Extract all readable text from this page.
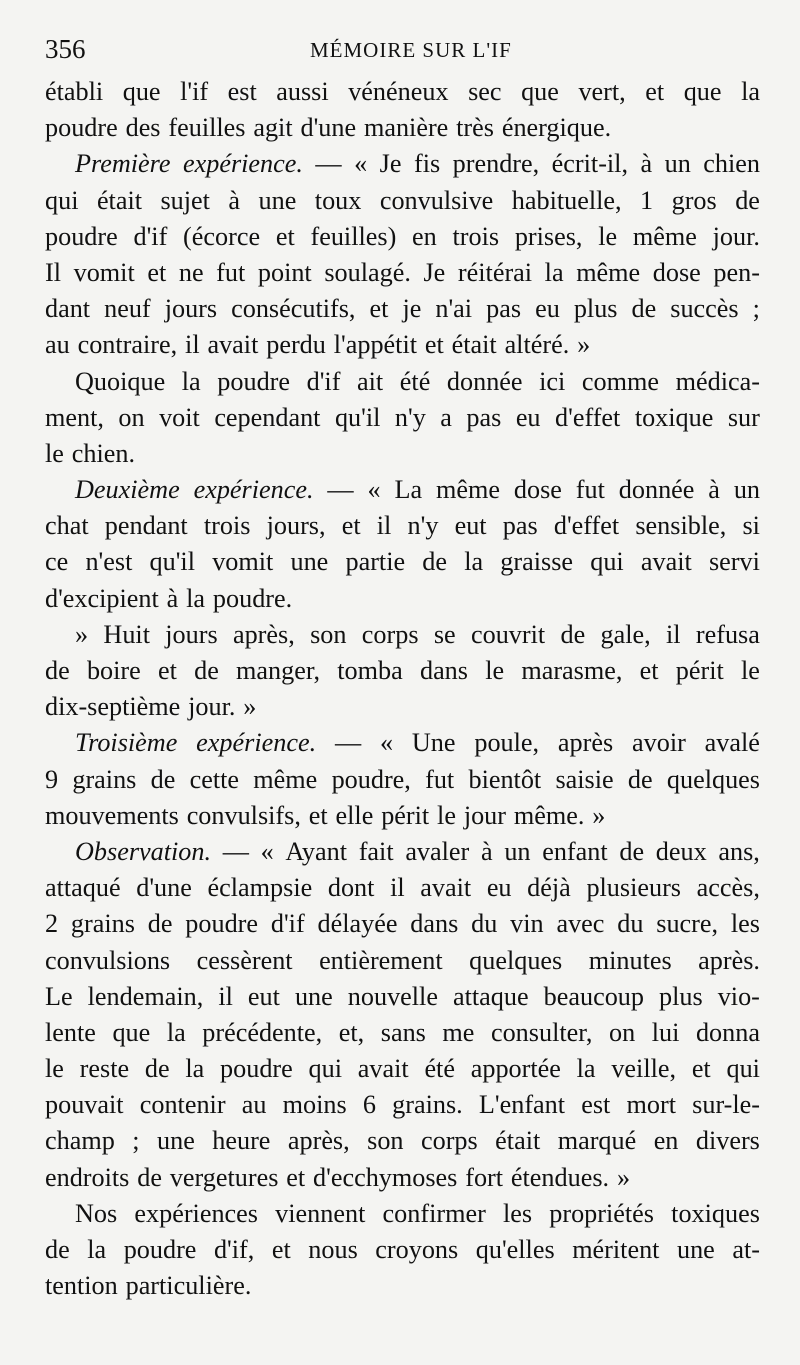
356	MÉMOIRE SUR L'IF
établi que l'if est aussi vénéneux sec que vert, et que la
poudre des feuilles agit d'une manière très énergique.
Première expérience. — « Je fis prendre, écrit-il, à un chien
qui était sujet à une toux convulsive habituelle, 1 gros de
poudre d'if (écorce et feuilles) en trois prises, le même jour.
Il vomit et ne fut point soulagé. Je réitérai la même dose pen-
dant neuf jours consécutifs, et je n'ai pas eu plus de succès ;
au contraire, il avait perdu l'appétit et était altéré. »
Quoique la poudre d'if ait été donnée ici comme médica-
ment, on voit cependant qu'il n'y a pas eu d'effet toxique sur
le chien.
Deuxième expérience. — « La même dose fut donnée à un
chat pendant trois jours, et il n'y eut pas d'effet sensible, si
ce n'est qu'il vomit une partie de la graisse qui avait servi
d'excipient à la poudre.
» Huit jours après, son corps se couvrit de gale, il refusa
de boire et de manger, tomba dans le marasme, et périt le
dix-septième jour. »
Troisième expérience. — « Une poule, après avoir avalé
9 grains de cette même poudre, fut bientôt saisie de quelques
mouvements convulsifs, et elle périt le jour même. »
Observation. — « Ayant fait avaler à un enfant de deux ans,
attaqué d'une éclampsie dont il avait eu déjà plusieurs accès,
2 grains de poudre d'if délayée dans du vin avec du sucre, les
convulsions cessèrent entièrement quelques minutes après.
Le lendemain, il eut une nouvelle attaque beaucoup plus vio-
lente que la précédente, et, sans me consulter, on lui donna
le reste de la poudre qui avait été apportée la veille, et qui
pouvait contenir au moins 6 grains. L'enfant est mort sur-le-
champ ; une heure après, son corps était marqué en divers
endroits de vergetures et d'ecchymoses fort étendues. »
Nos expériences viennent confirmer les propriétés toxiques
de la poudre d'if, et nous croyons qu'elles méritent une at-
tention particulière.
